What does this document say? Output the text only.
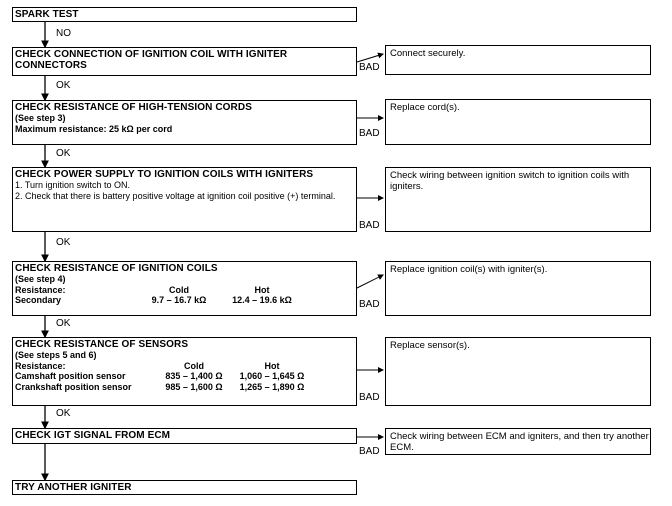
NO
OK
OK
OK
OK
OK
BAD
BAD
BAD
BAD
BAD
BAD
SPARK TEST
CHECK CONNECTION OF IGNITION COIL WITH IGNITER CONNECTORS
CHECK RESISTANCE OF HIGH-TENSION CORDS
(See step 3)
Maximum resistance: 25 kΩ per cord
CHECK POWER SUPPLY TO IGNITION COILS WITH IGNITERS
1. Turn ignition switch to ON.
2. Check that there is battery positive voltage at ignition coil positive (+) terminal.
CHECK RESISTANCE OF IGNITION COILS
(See step 4)
Resistance:	Cold	Hot
Secondary	9.7 – 16.7 kΩ	12.4 – 19.6 kΩ
CHECK RESISTANCE OF SENSORS
(See steps 5 and 6)
Resistance:	Cold	Hot
Camshaft position sensor	835 – 1,400 Ω	1,060 – 1,645 Ω
Crankshaft position sensor	985 – 1,600 Ω	1,265 – 1,890 Ω
CHECK IGT SIGNAL FROM ECM
TRY ANOTHER IGNITER
Connect securely.
Replace cord(s).
Check wiring between ignition switch to ignition coils with igniters.
Replace ignition coil(s) with igniter(s).
Replace sensor(s).
Check wiring between ECM and igniters, and then try another ECM.
